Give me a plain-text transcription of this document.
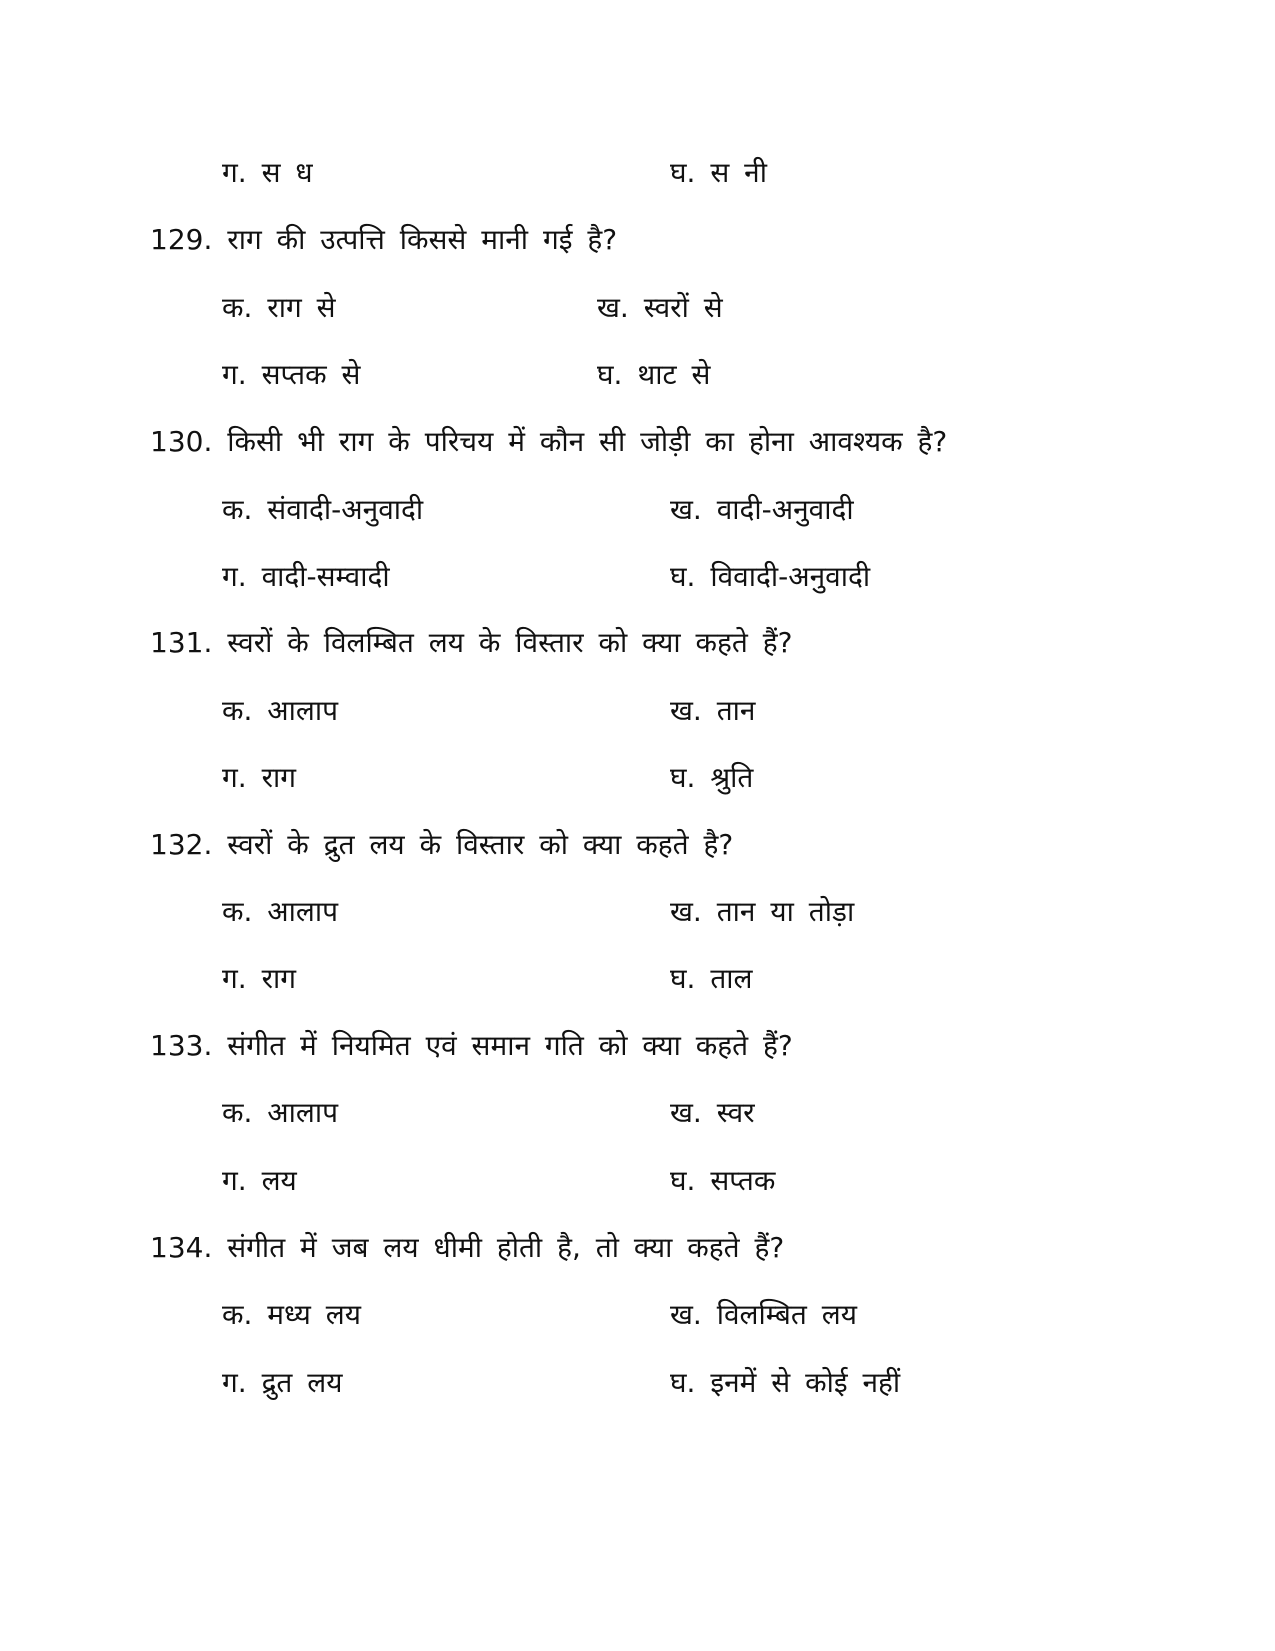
ग. स ध	घ. स नी
129. राग की उत्पत्ति किससे मानी गई है?
क. राग से	ख. स्वरों से
ग. सप्तक से	घ. थाट से
130. किसी भी राग के परिचय में कौन सी जोड़ी का होना आवश्यक है?
क. संवादी-अनुवादी	ख. वादी-अनुवादी
ग. वादी-सम्वादी	घ. विवादी-अनुवादी
131. स्वरों के विलम्बित लय के विस्तार को क्या कहते हैं?
क. आलाप	ख. तान
ग. राग	घ. श्रुति
132. स्वरों के द्रुत लय के विस्तार को क्या कहते है?
क. आलाप	ख. तान या तोड़ा
ग. राग	घ. ताल
133. संगीत में नियमित एवं समान गति को क्या कहते हैं?
क. आलाप	ख. स्वर
ग. लय	घ. सप्तक
134. संगीत में जब लय धीमी होती है, तो क्या कहते हैं?
क. मध्य लय	ख. विलम्बित लय
ग. द्रुत लय	घ. इनमें से कोई नहीं
